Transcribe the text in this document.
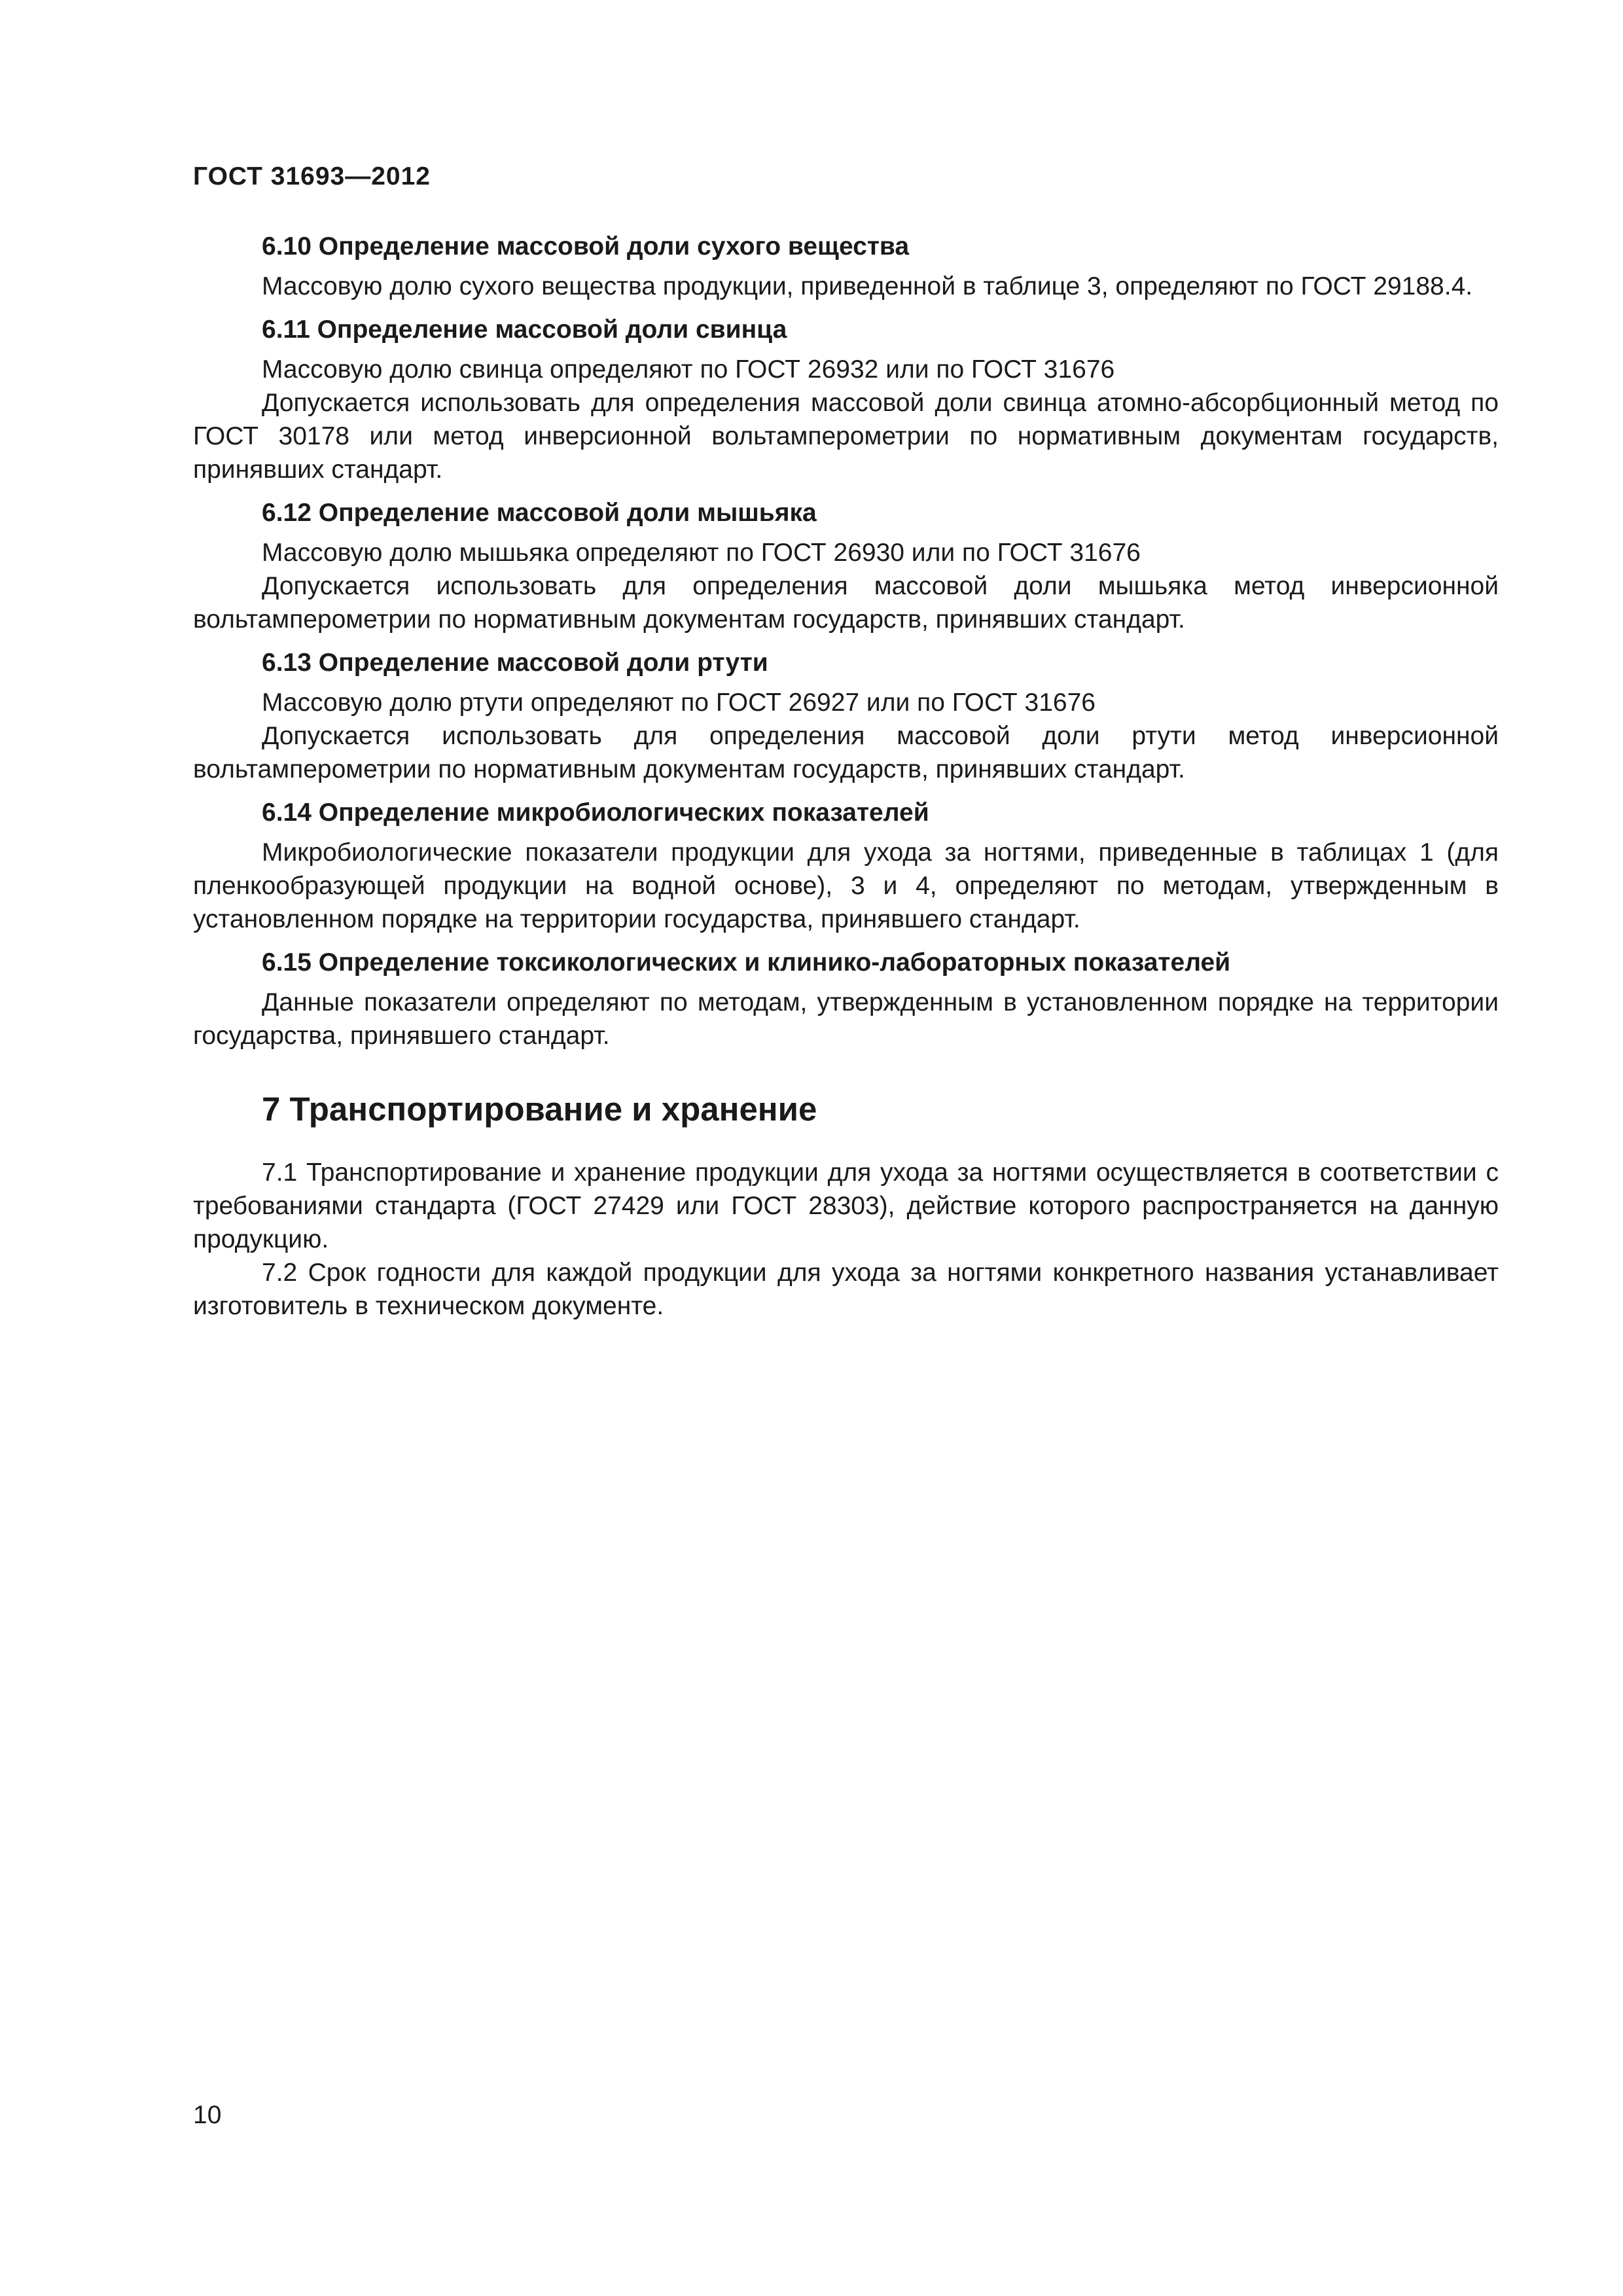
ГОСТ 31693—2012

6.10 Определение массовой доли сухого вещества

Массовую долю сухого вещества продукции, приведенной в таблице 3, определяют по ГОСТ 29188.4.

6.11 Определение массовой доли свинца

Массовую долю свинца определяют по ГОСТ 26932 или по ГОСТ 31676

Допускается использовать для определения массовой доли свинца атомно-абсорбционный метод по ГОСТ 30178 или метод инверсионной вольтамперометрии по нормативным документам государств, принявших стандарт.

6.12 Определение массовой доли мышьяка

Массовую долю мышьяка определяют по ГОСТ 26930 или по ГОСТ 31676

Допускается использовать для определения массовой доли мышьяка метод инверсионной вольтамперометрии по нормативным документам государств, принявших стандарт.

6.13 Определение массовой доли ртути

Массовую долю ртути определяют по ГОСТ 26927 или по ГОСТ 31676

Допускается использовать для определения массовой доли ртути метод инверсионной вольтамперометрии по нормативным документам государств, принявших стандарт.

6.14 Определение микробиологических показателей

Микробиологические показатели продукции для ухода за ногтями, приведенные в таблицах 1 (для пленкообразующей продукции на водной основе), 3 и 4, определяют по методам, утвержденным в установленном порядке на территории государства, принявшего стандарт.

6.15 Определение токсикологических и клинико-лабораторных показателей

Данные показатели определяют по методам, утвержденным в установленном порядке на территории государства, принявшего стандарт.

7 Транспортирование и хранение

7.1 Транспортирование и хранение продукции для ухода за ногтями осуществляется в соответствии с требованиями стандарта (ГОСТ 27429 или ГОСТ 28303), действие которого распространяется на данную продукцию.

7.2 Срок годности для каждой продукции для ухода за ногтями конкретного названия устанавливает изготовитель в техническом документе.

10
